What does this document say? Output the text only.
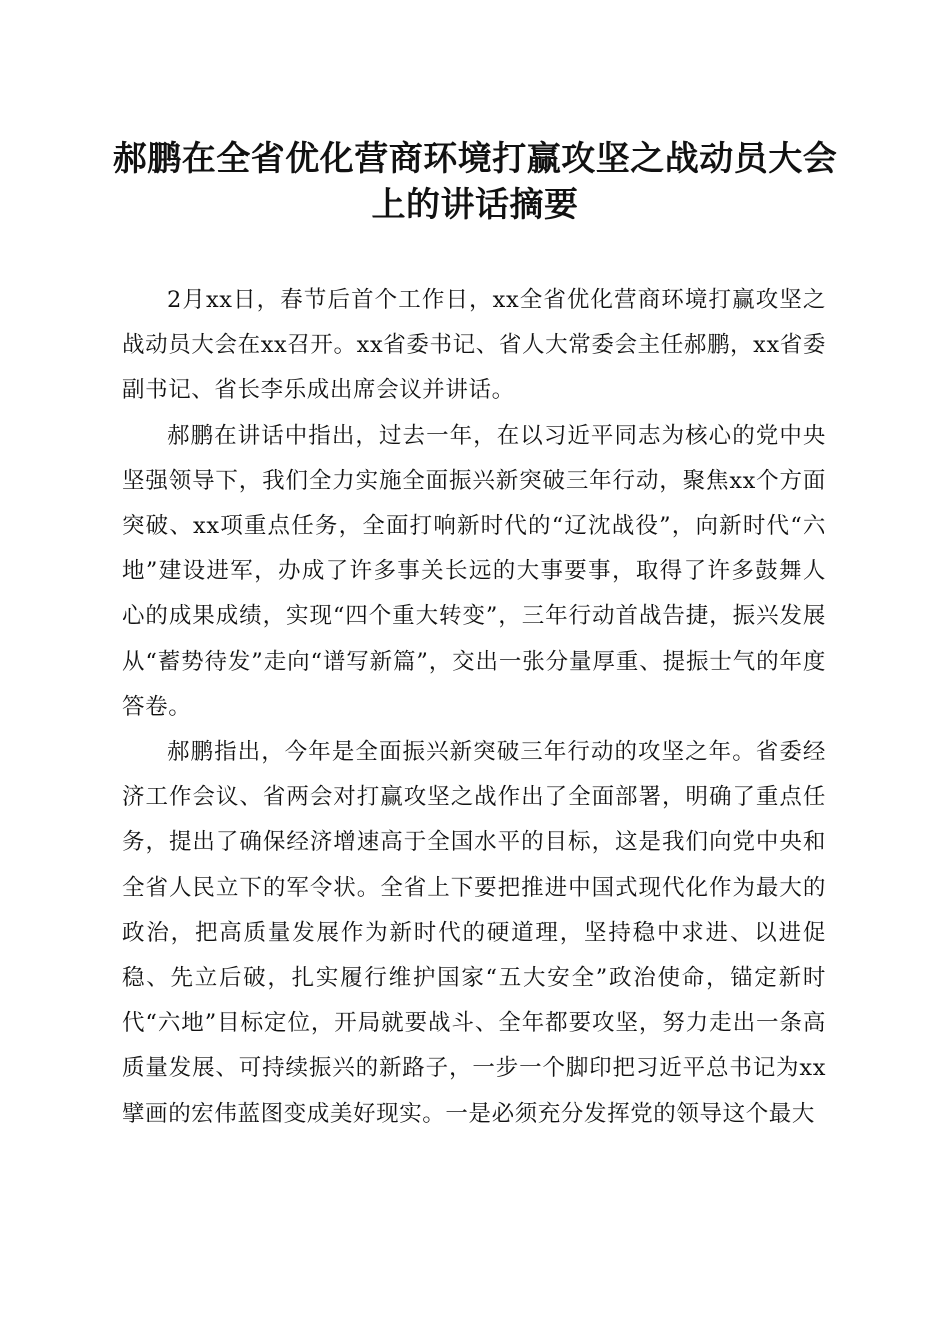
郝鹏在全省优化营商环境打赢攻坚之战动员大会上的讲话摘要

2月xx日，春节后首个工作日，xx全省优化营商环境打赢攻坚之战动员大会在xx召开。xx省委书记、省人大常委会主任郝鹏，xx省委副书记、省长李乐成出席会议并讲话。

郝鹏在讲话中指出，过去一年，在以习近平同志为核心的党中央坚强领导下，我们全力实施全面振兴新突破三年行动，聚焦xx个方面突破、xx项重点任务，全面打响新时代的“辽沈战役”，向新时代“六地”建设进军，办成了许多事关长远的大事要事，取得了许多鼓舞人心的成果成绩，实现“四个重大转变”，三年行动首战告捷，振兴发展从“蓄势待发”走向“谱写新篇”，交出一张分量厚重、提振士气的年度答卷。

郝鹏指出，今年是全面振兴新突破三年行动的攻坚之年。省委经济工作会议、省两会对打赢攻坚之战作出了全面部署，明确了重点任务，提出了确保经济增速高于全国水平的目标，这是我们向党中央和全省人民立下的军令状。全省上下要把推进中国式现代化作为最大的政治，把高质量发展作为新时代的硬道理，坚持稳中求进、以进促稳、先立后破，扎实履行维护国家“五大安全”政治使命，锚定新时代“六地”目标定位，开局就要战斗、全年都要攻坚，努力走出一条高质量发展、可持续振兴的新路子，一步一个脚印把习近平总书记为xx擘画的宏伟蓝图变成美好现实。一是必须充分发挥党的领导这个最大
